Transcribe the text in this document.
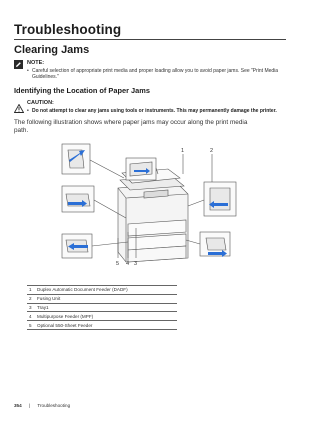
Troubleshooting
Clearing Jams
NOTE:
• Careful selection of appropriate print media and proper loading allow you to avoid paper jams. See "Print Media Guidelines."
Identifying the Location of Paper Jams
CAUTION:
• Do not attempt to clear any jams using tools or instruments. This may permanently damage the printer.
The following illustration shows where paper jams may occur along the print media path.
1	2
5 4 3
1	Duplex Automatic Document Feeder (DADF)
2	Fusing Unit
3	Tray1
4	Multipurpose Feeder (MPF)
5	Optional 550-Sheet Feeder
354 | Troubleshooting
